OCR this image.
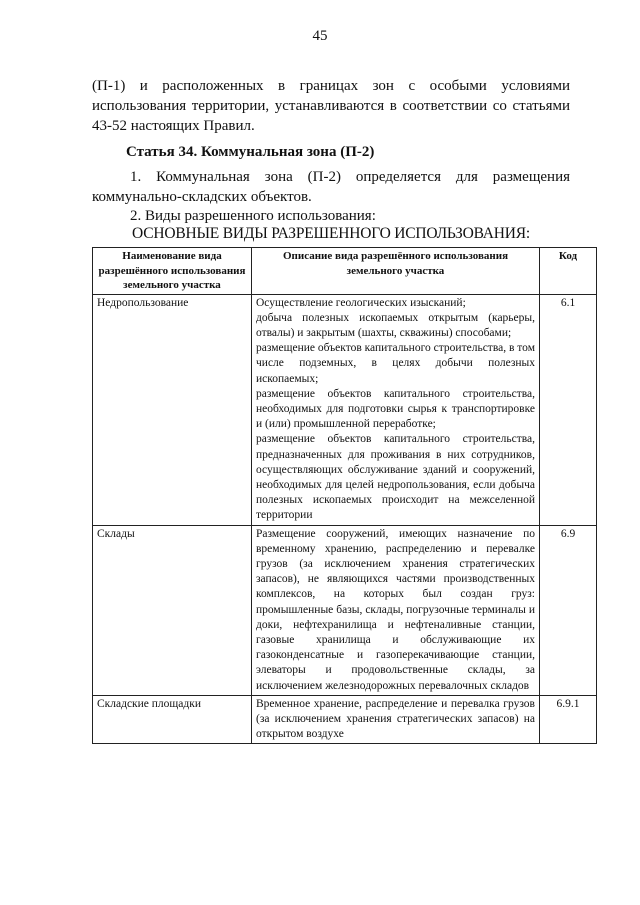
45
(П-1) и расположенных в границах зон с особыми условиями использования территории, устанавливаются в соответствии со статьями 43-52 настоящих Правил.
Статья 34. Коммунальная зона (П-2)
1. Коммунальная зона (П-2) определяется для размещения коммунально-складских объектов.
2. Виды разрешенного использования:
ОСНОВНЫЕ ВИДЫ РАЗРЕШЕННОГО ИСПОЛЬЗОВАНИЯ:
Наименование вида разрешённого использования земельного участка	Описание вида разрешённого использования земельного участка	Код
Недропользование	Осуществление геологических изысканий;
добыча полезных ископаемых открытым (карьеры, отвалы) и закрытым (шахты, скважины) способами;
размещение объектов капитального строительства, в том числе подземных, в целях добычи полезных ископаемых;
размещение объектов капитального строительства, необходимых для подготовки сырья к транспортировке и (или) промышленной переработке;
размещение объектов капитального строительства, предназначенных для проживания в них сотрудников, осуществляющих обслуживание зданий и сооружений, необходимых для целей недропользования, если добыча полезных ископаемых происходит на межселенной территории	6.1
Склады	Размещение сооружений, имеющих назначение по временному хранению, распределению и перевалке грузов (за исключением хранения стратегических запасов), не являющихся частями производственных комплексов, на которых был создан груз: промышленные базы, склады, погрузочные терминалы и доки, нефтехранилища и нефтеналивные станции, газовые хранилища и обслуживающие их газоконденсатные и газоперекачивающие станции, элеваторы и продовольственные склады, за исключением железнодорожных перевалочных складов	6.9
Складские площадки	Временное хранение, распределение и перевалка грузов (за исключением хранения стратегических запасов) на открытом воздухе	6.9.1
